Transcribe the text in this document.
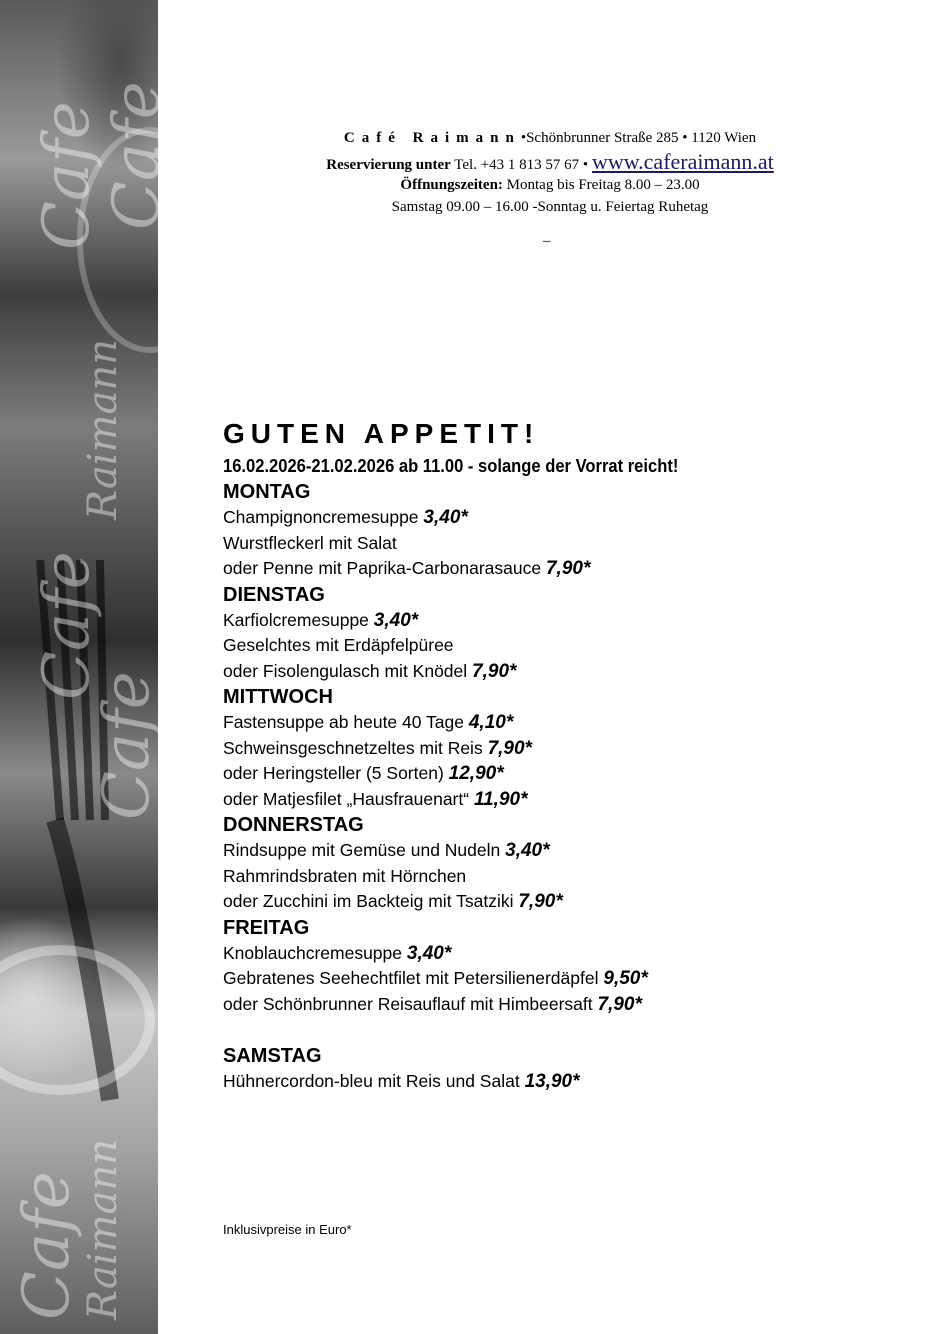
Cafe
Cafe
Cafe
Cafe
Cafe
Raimann
Raimann
Café Raimann•Schönbrunner Straße 285 • 1120 Wien
Reservierung unter Tel. +43 1 813 57 67 • www.caferaimann.at
Öffnungszeiten: Montag bis Freitag 8.00 – 23.00
Samstag 09.00 – 16.00 -Sonntag u. Feiertag Ruhetag
_
GUTEN APPETIT!
16.02.2026-21.02.2026 ab 11.00 - solange der Vorrat reicht!
MONTAG
Champignoncremesuppe 3,40*
Wurstfleckerl mit Salat
oder Penne mit Paprika-Carbonarasauce 7,90*
DIENSTAG
Karfiolcremesuppe 3,40*
Geselchtes mit Erdäpfelpüree
oder Fisolengulasch mit Knödel 7,90*
MITTWOCH
Fastensuppe ab heute 40 Tage 4,10*
Schweinsgeschnetzeltes mit Reis 7,90*
oder Heringsteller (5 Sorten) 12,90*
oder Matjesfilet „Hausfrauenart“ 11,90*
DONNERSTAG
Rindsuppe mit Gemüse und Nudeln 3,40*
Rahmrindsbraten mit Hörnchen
oder Zucchini im Backteig mit Tsatziki 7,90*
FREITAG
Knoblauchcremesuppe 3,40*
Gebratenes Seehechtfilet mit Petersilienerdäpfel 9,50*
oder Schönbrunner Reisauflauf mit Himbeersaft 7,90*
SAMSTAG
Hühnercordon-bleu mit Reis und Salat 13,90*
Inklusivpreise in Euro*
